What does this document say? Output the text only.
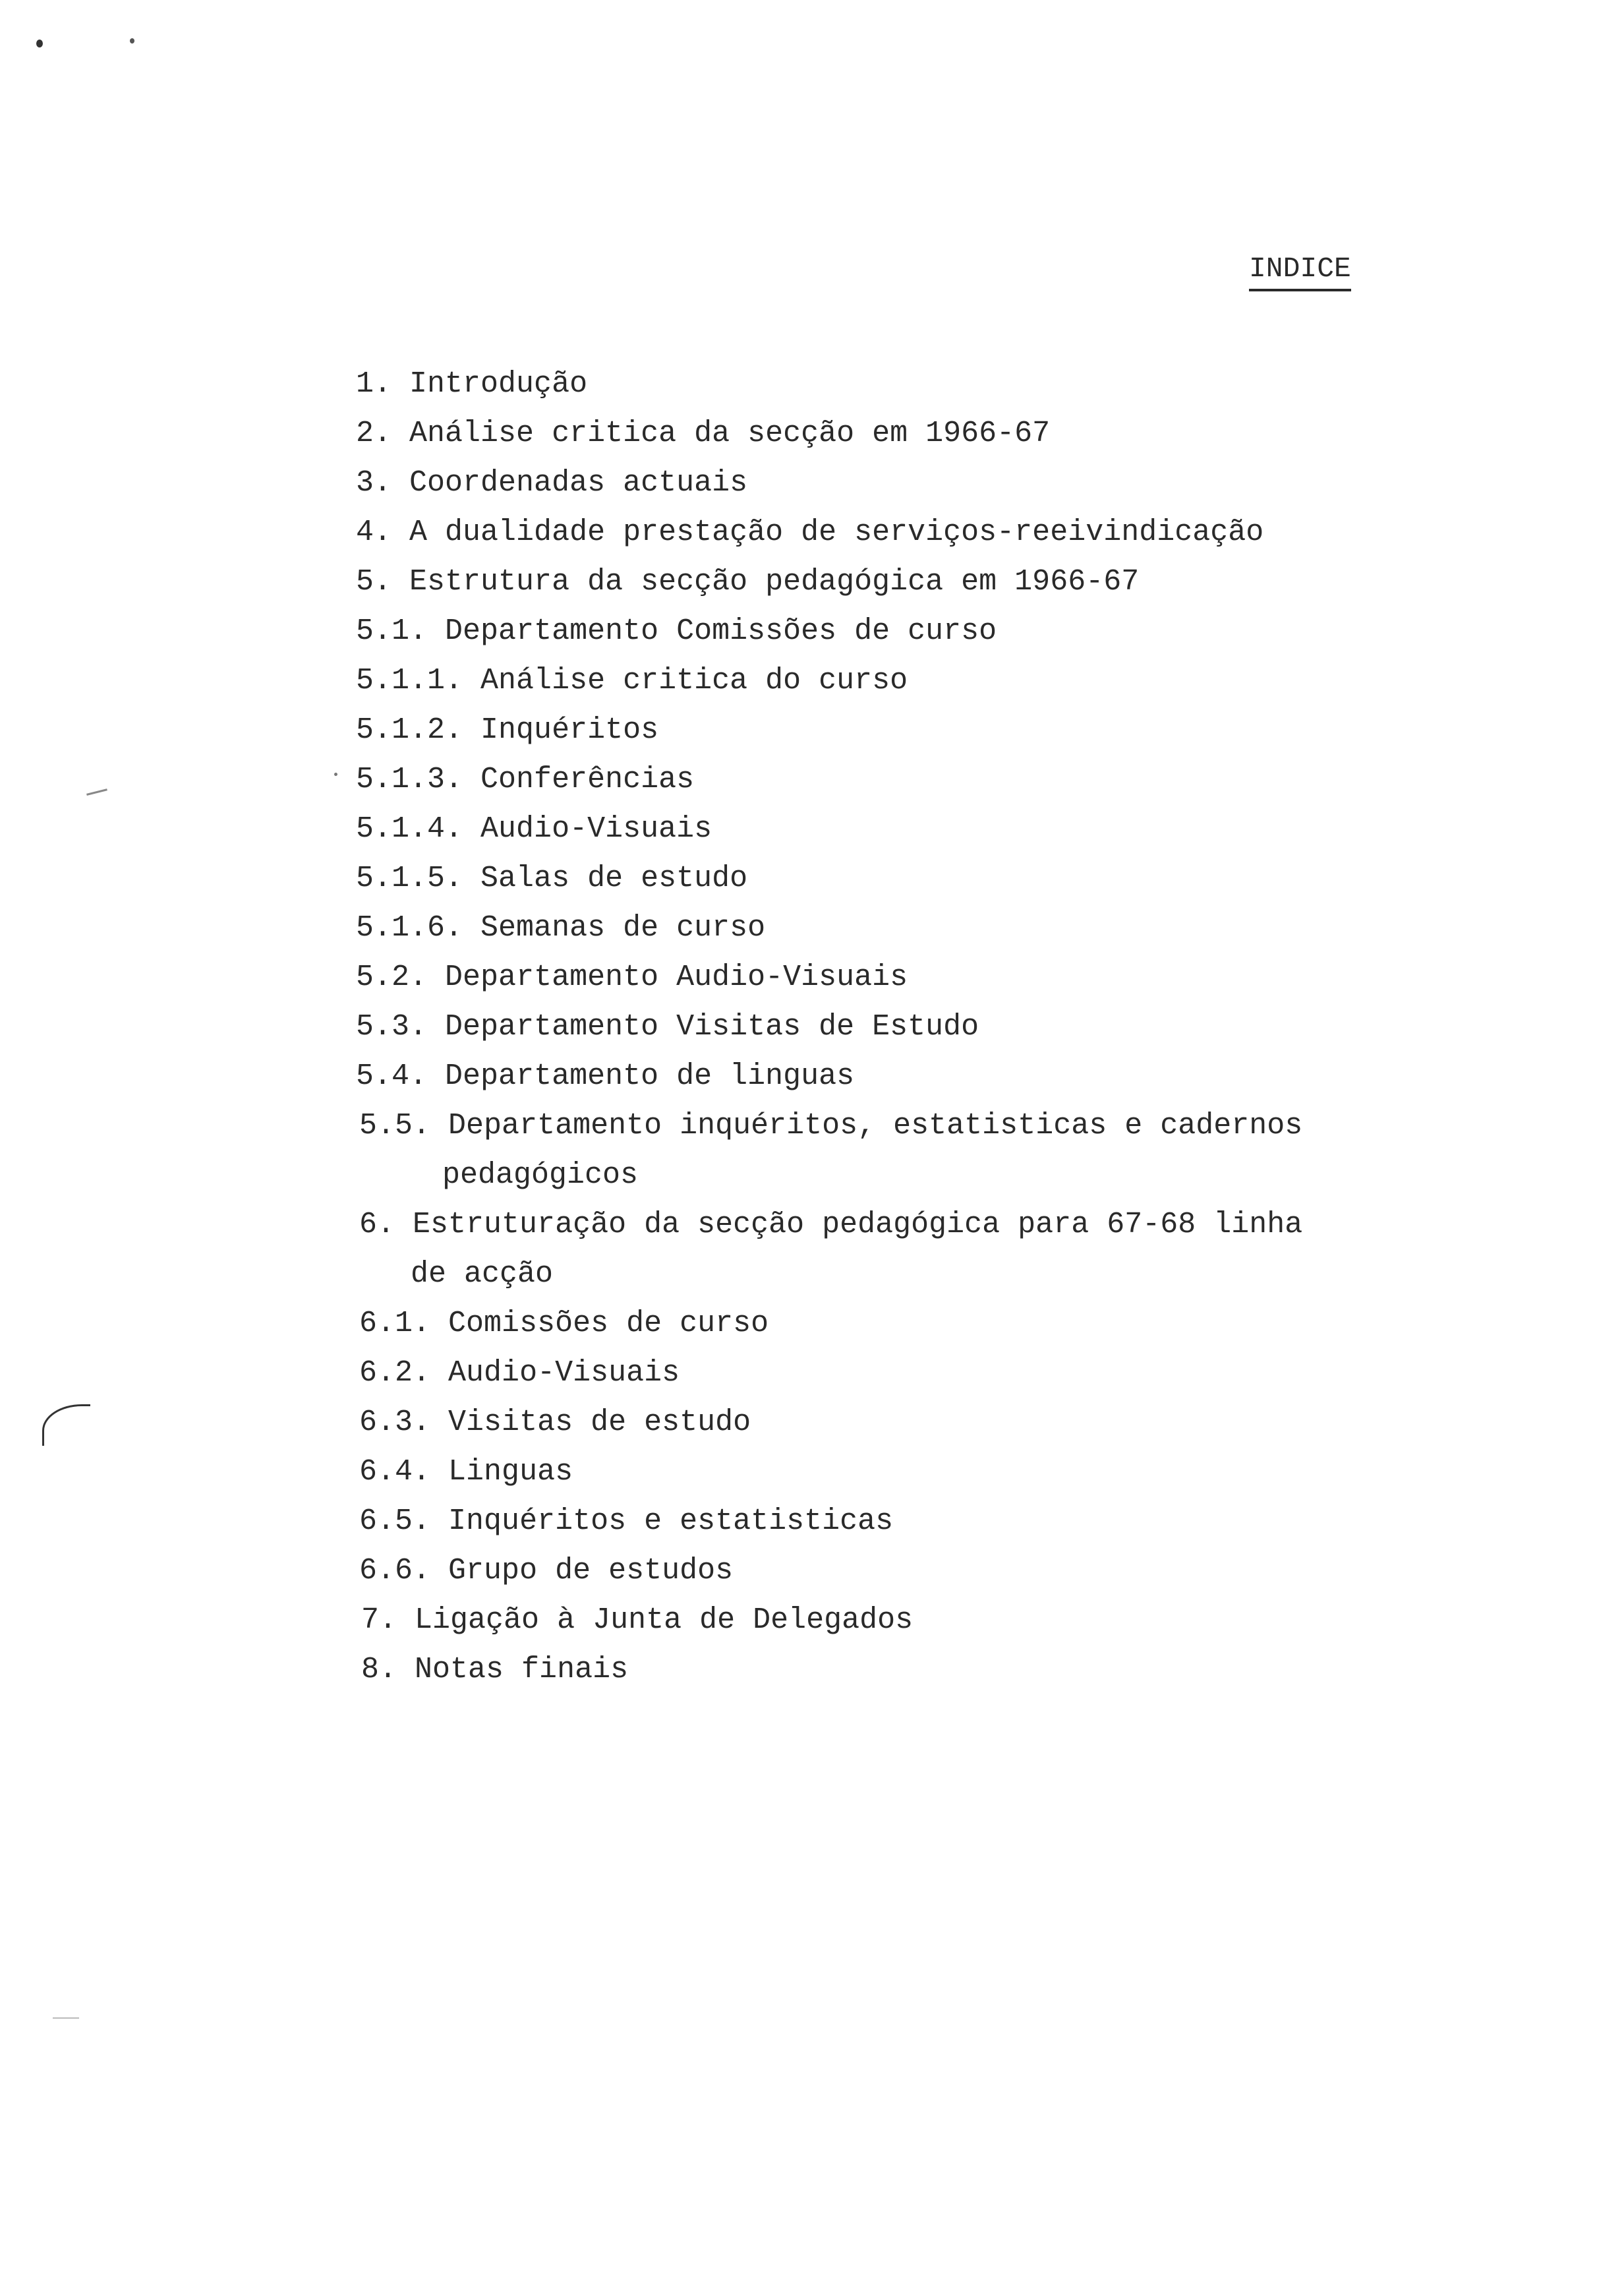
INDICE
1. Introdução
2. Análise critica da secção em 1966-67
3. Coordenadas actuais
4. A dualidade prestação de serviços-reeivindicação
5. Estrutura da secção pedagógica em 1966-67
5.1. Departamento Comissões de curso
5.1.1. Análise critica do curso
5.1.2. Inquéritos
5.1.3. Conferências
5.1.4. Audio-Visuais
5.1.5. Salas de estudo
5.1.6. Semanas de curso
5.2. Departamento Audio-Visuais
5.3. Departamento Visitas de Estudo
5.4. Departamento de linguas
5.5. Departamento inquéritos, estatisticas e cadernos
pedagógicos
6. Estruturação da secção pedagógica para 67-68 linha
de acção
6.1. Comissões de curso
6.2. Audio-Visuais
6.3. Visitas de estudo
6.4. Linguas
6.5. Inquéritos e estatisticas
6.6. Grupo de estudos
7. Ligação à Junta de Delegados
8. Notas finais
